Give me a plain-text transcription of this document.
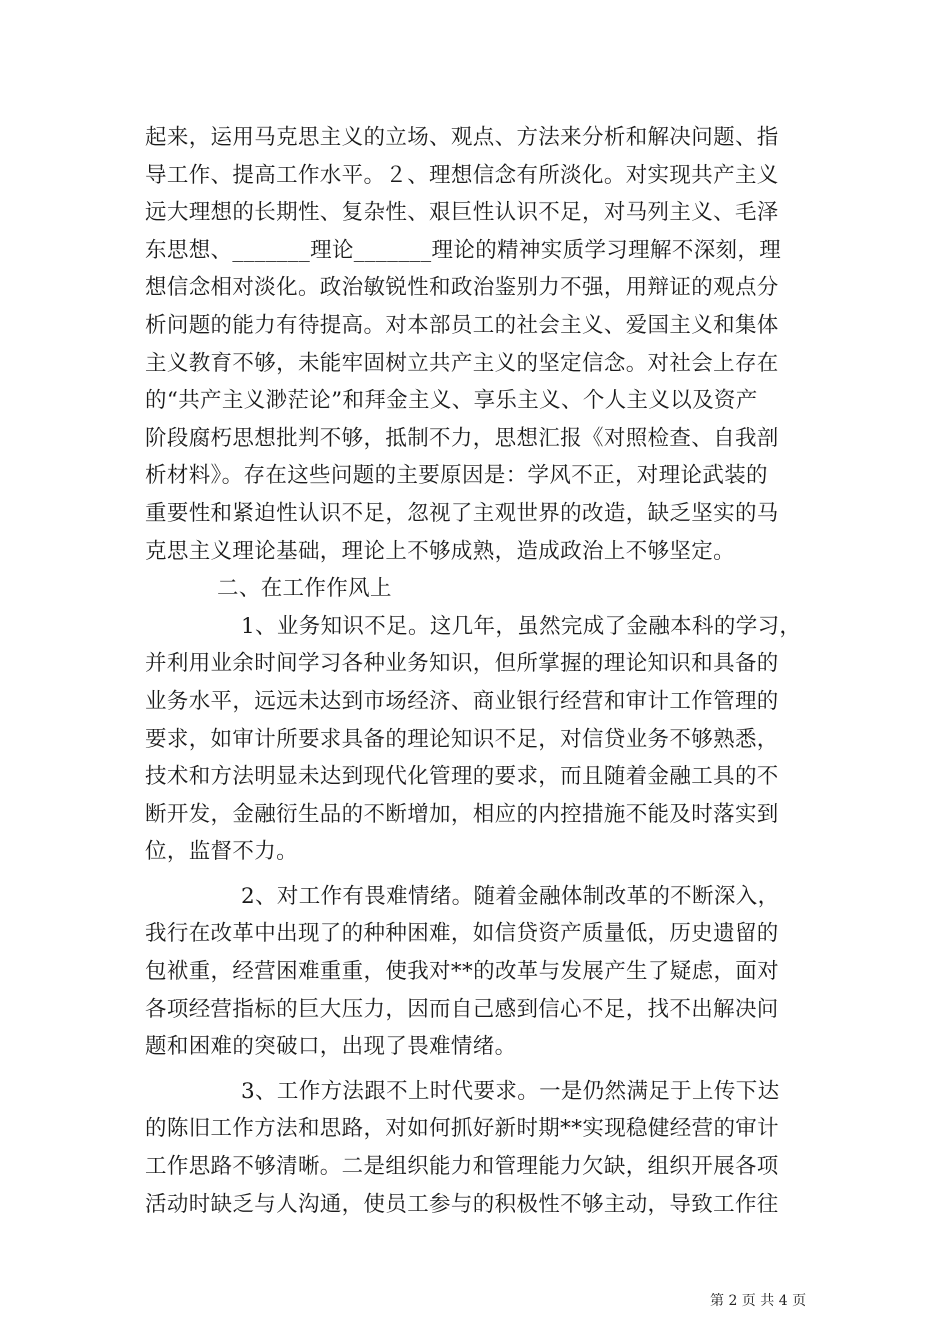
起来，运用马克思主义的立场、观点、方法来分析和解决问题、指
导工作、提高工作水平。２、理想信念有所淡化。对实现共产主义
远大理想的长期性、复杂性、艰巨性认识不足，对马列主义、毛泽
东思想、_______理论_______理论的精神实质学习理解不深刻，理
想信念相对淡化。政治敏锐性和政治鉴别力不强，用辩证的观点分
析问题的能力有待提高。对本部员工的社会主义、爱国主义和集体
主义教育不够，未能牢固树立共产主义的坚定信念。对社会上存在
的“共产主义渺茫论”和拜金主义、享乐主义、个人主义以及资产
阶段腐朽思想批判不够，抵制不力，思想汇报《对照检查、自我剖
析材料》。存在这些问题的主要原因是：学风不正，对理论武装的
重要性和紧迫性认识不足，忽视了主观世界的改造，缺乏坚实的马
克思主义理论基础，理论上不够成熟，造成政治上不够坚定。
二、在工作作风上
1、业务知识不足。这几年，虽然完成了金融本科的学习，
并利用业余时间学习各种业务知识，但所掌握的理论知识和具备的
业务水平，远远未达到市场经济、商业银行经营和审计工作管理的
要求，如审计所要求具备的理论知识不足，对信贷业务不够熟悉，
技术和方法明显未达到现代化管理的要求，而且随着金融工具的不
断开发，金融衍生品的不断增加，相应的内控措施不能及时落实到
位，监督不力。
2、对工作有畏难情绪。随着金融体制改革的不断深入，
我行在改革中出现了的种种困难，如信贷资产质量低，历史遗留的
包袱重，经营困难重重，使我对**的改革与发展产生了疑虑，面对
各项经营指标的巨大压力，因而自己感到信心不足，找不出解决问
题和困难的突破口，出现了畏难情绪。
3、工作方法跟不上时代要求。一是仍然满足于上传下达
的陈旧工作方法和思路，对如何抓好新时期**实现稳健经营的审计
工作思路不够清晰。二是组织能力和管理能力欠缺，组织开展各项
活动时缺乏与人沟通，使员工参与的积极性不够主动，导致工作往
第 2 页 共 4 页
